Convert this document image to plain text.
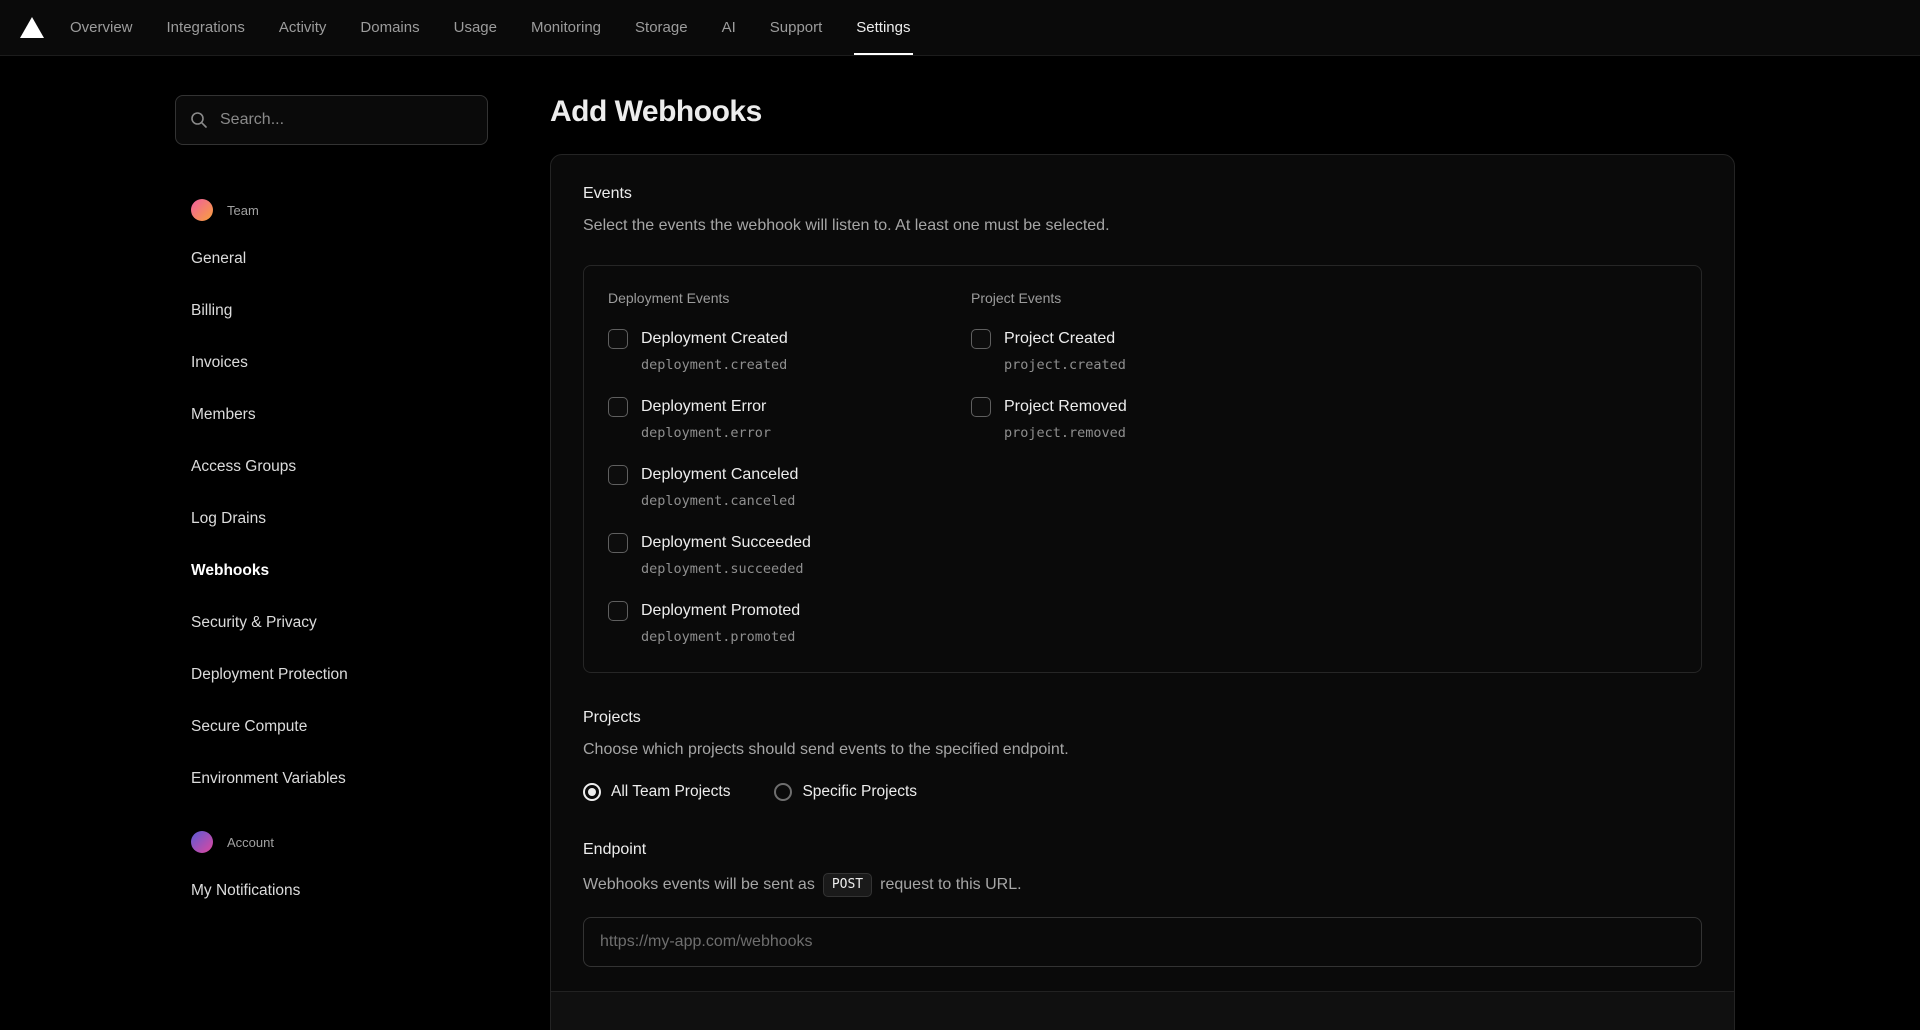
Overview Integrations Activity Domains Usage Monitoring Storage AI Support Settings
Search...
Team
General
Billing
Invoices
Members
Access Groups
Log Drains
Webhooks
Security & Privacy
Deployment Protection
Secure Compute
Environment Variables
Account
My Notifications
Add Webhooks
Events
Select the events the webhook will listen to. At least one must be selected.
Deployment Events
Deployment Created
deployment.created
Deployment Error
deployment.error
Deployment Canceled
deployment.canceled
Deployment Succeeded
deployment.succeeded
Deployment Promoted
deployment.promoted
Project Events
Project Created
project.created
Project Removed
project.removed
Projects
Choose which projects should send events to the specified endpoint.
All Team Projects	Specific Projects
Endpoint
Webhooks events will be sent as	POST	request to this URL.
https://my-app.com/webhooks
